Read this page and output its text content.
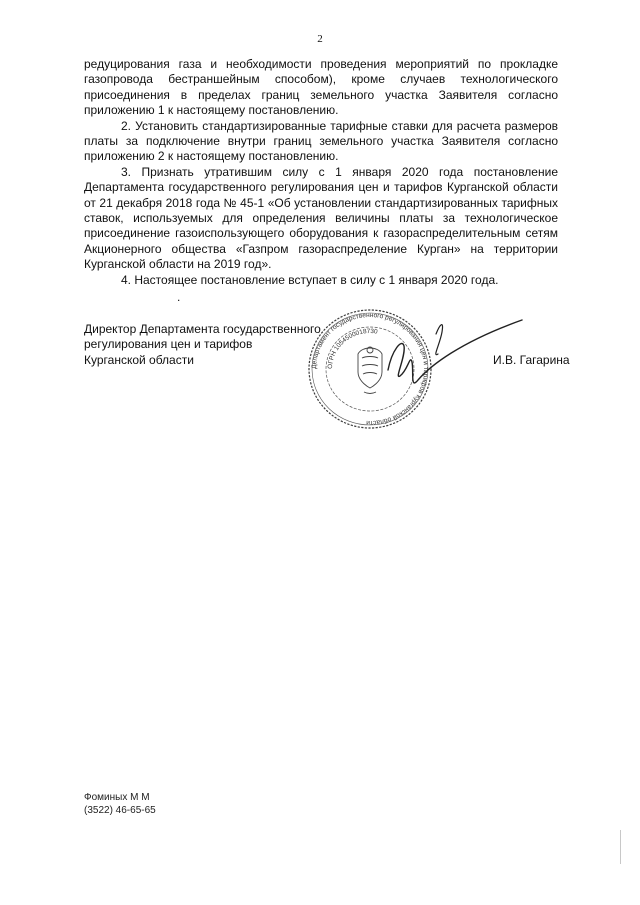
2

редуцирования газа и необходимости проведения мероприятий по прокладке газопровода бестраншейным способом), кроме случаев технологического присоединения в пределах границ земельного участка Заявителя согласно приложению 1 к настоящему постановлению.

2. Установить стандартизированные тарифные ставки для расчета размеров платы за подключение внутри границ земельного участка Заявителя согласно приложению 2 к настоящему постановлению.

3. Признать утратившим силу с 1 января 2020 года постановление Департамента государственного регулирования цен и тарифов Курганской области от 21 декабря 2018 года № 45-1 «Об установлении стандартизированных тарифных ставок, используемых для определения величины платы за технологическое присоединение газоиспользующего оборудования к газораспределительным сетям Акционерного общества «Газпром газораспределение Курган» на территории Курганской области на 2019 год».

4. Настоящее постановление вступает в силу с 1 января 2020 года.

.
Директор Департамента государственного
регулирования цен и тарифов
Курганской области	Департамент государственного регулирования цен и тарифов Курганской области
ОГРН 1054500018730
И.В. Гагарина
Фоминых М М
(3522) 46-65-65
